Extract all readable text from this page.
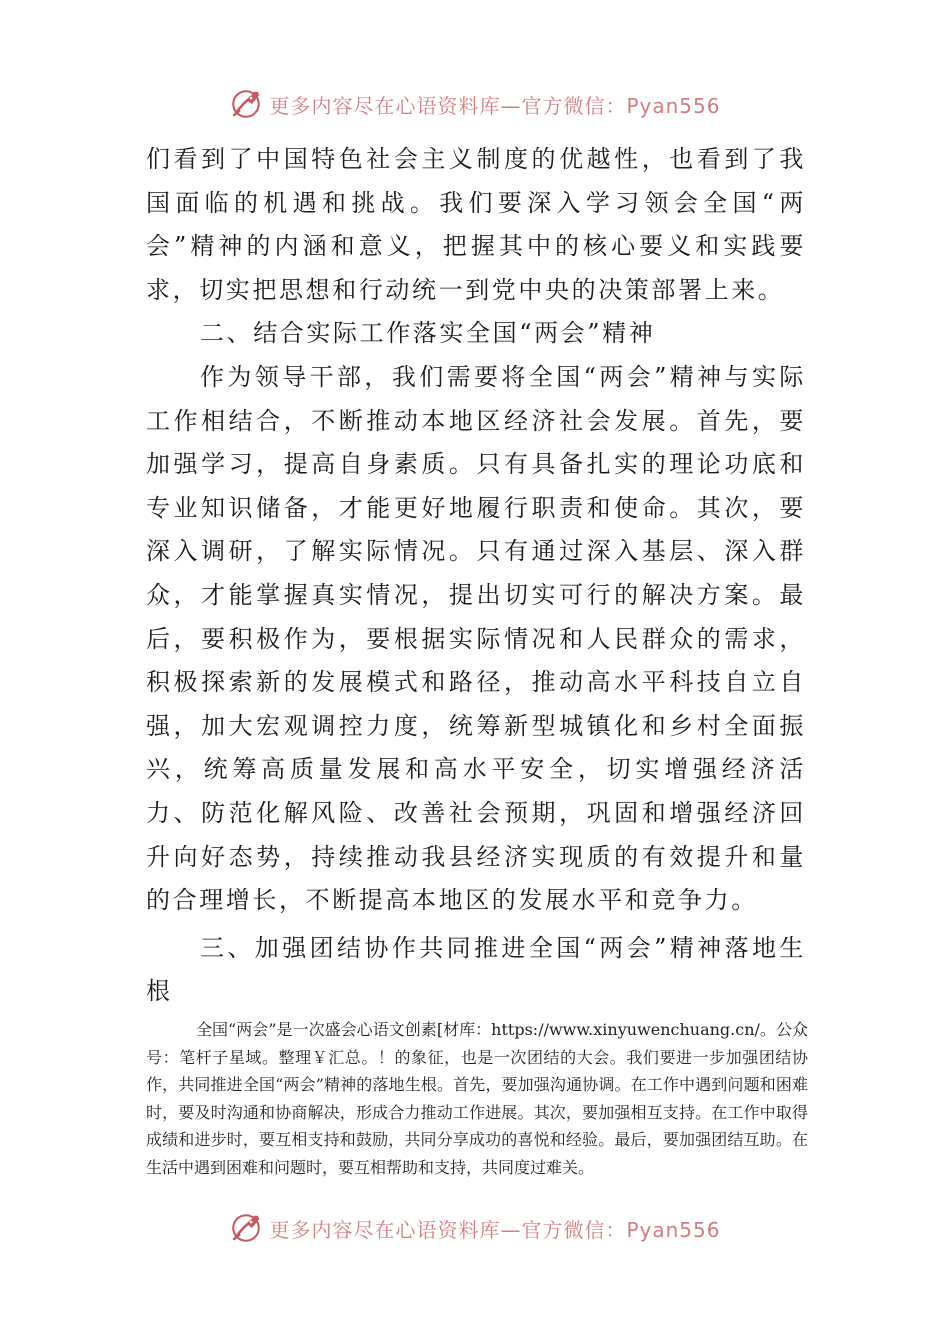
更多内容尽在心语资料库—官方微信：Pyan556

们看到了中国特色社会主义制度的优越性，也看到了我国面临的机遇和挑战。我们要深入学习领会全国“两会”精神的内涵和意义，把握其中的核心要义和实践要求，切实把思想和行动统一到党中央的决策部署上来。

二、结合实际工作落实全国“两会”精神

作为领导干部，我们需要将全国“两会”精神与实际工作相结合，不断推动本地区经济社会发展。首先，要加强学习，提高自身素质。只有具备扎实的理论功底和专业知识储备，才能更好地履行职责和使命。其次，要深入调研，了解实际情况。只有通过深入基层、深入群众，才能掌握真实情况，提出切实可行的解决方案。最后，要积极作为，要根据实际情况和人民群众的需求，积极探索新的发展模式和路径，推动高水平科技自立自强，加大宏观调控力度，统筹新型城镇化和乡村全面振兴，统筹高质量发展和高水平安全，切实增强经济活力、防范化解风险、改善社会预期，巩固和增强经济回升向好态势，持续推动我县经济实现质的有效提升和量的合理增长，不断提高本地区的发展水平和竞争力。

三、加强团结协作共同推进全国“两会”精神落地生根

全国“两会”是一次盛会心语文创素[材库：https://www.xinyuwenchuang.cn/。公众号：笔杆子星域。整理￥汇总。！的象征，也是一次团结的大会。我们要进一步加强团结协作，共同推进全国“两会”精神的落地生根。首先，要加强沟通协调。在工作中遇到问题和困难时，要及时沟通和协商解决，形成合力推动工作进展。其次，要加强相互支持。在工作中取得成绩和进步时，要互相支持和鼓励，共同分享成功的喜悦和经验。最后，要加强团结互助。在生活中遇到困难和问题时，要互相帮助和支持，共同度过难关。

更多内容尽在心语资料库—官方微信：Pyan556
